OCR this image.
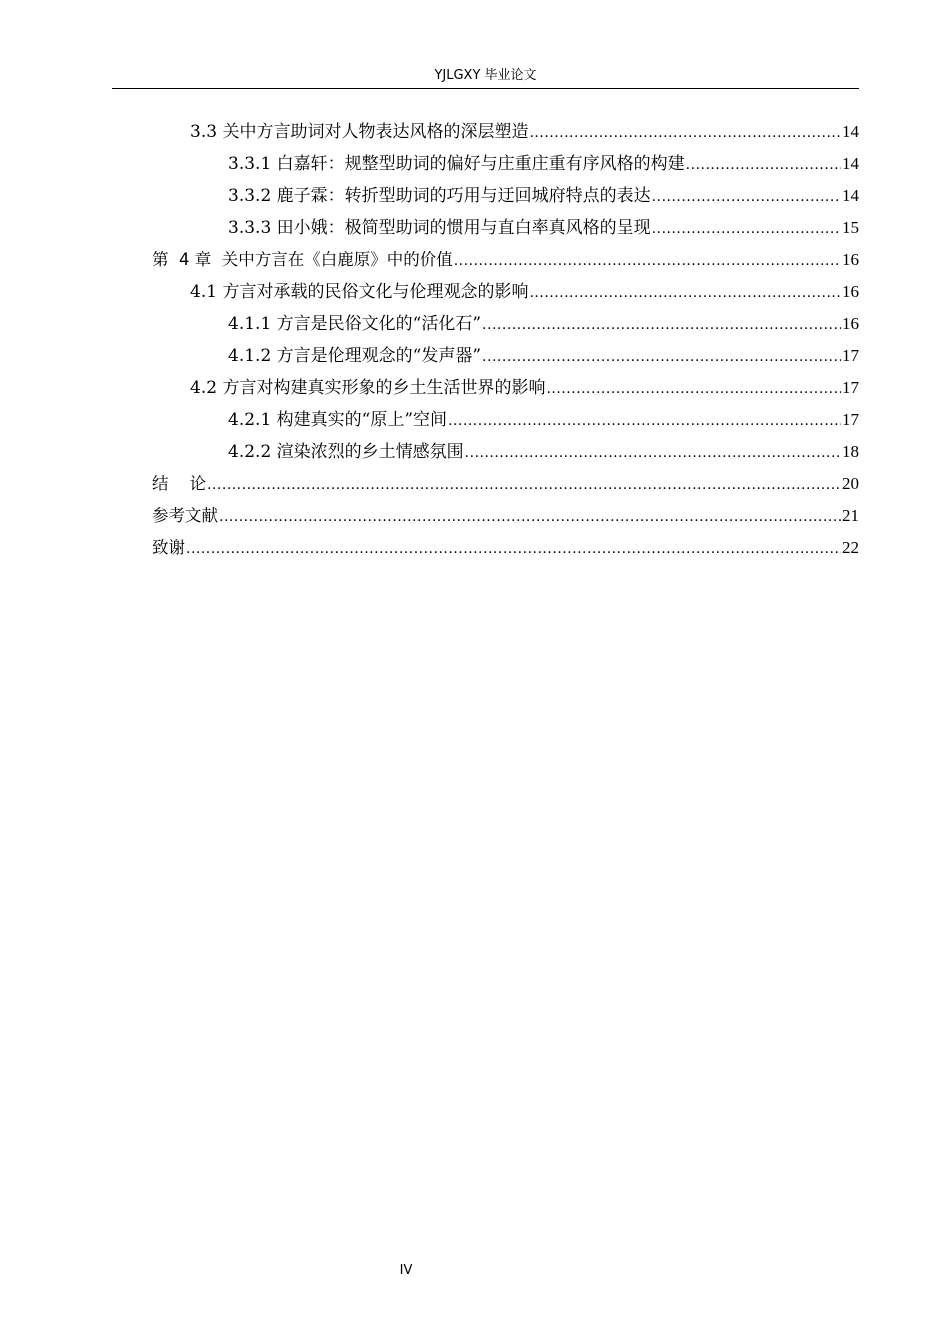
YJLGXY 毕业论文
3.3 关中方言助词对人物表达风格的深层塑造 .....	14
3.3.1 白嘉轩：规整型助词的偏好与庄重庄重有序风格的构建 .....	14
3.3.2 鹿子霖：转折型助词的巧用与迂回城府特点的表达 .....	14
3.3.3 田小娥：极简型助词的惯用与直白率真风格的呈现 .....	15
第  4 章  关中方言在《白鹿原》中的价值 .....	16
4.1 方言对承载的民俗文化与伦理观念的影响 .....	16
4.1.1 方言是民俗文化的“活化石” .....	16
4.1.2 方言是伦理观念的“发声器” .....	17
4.2 方言对构建真实形象的乡土生活世界的影响 .....	17
4.2.1 构建真实的“原上”空间 .....	17
4.2.2 渲染浓烈的乡土情感氛围 .....	18
结    论 .....	20
参考文献 .....	21
致谢 .....	22
IV
